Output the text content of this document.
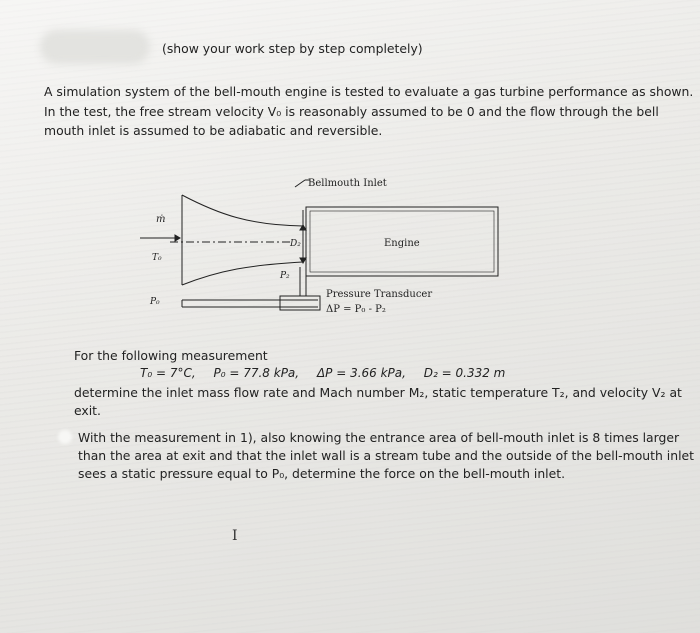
(show your work step by step completely)
A simulation system of the bell-mouth engine is tested to evaluate a gas turbine performance as shown.
In the test, the free stream velocity V₀ is reasonably assumed to be 0 and the flow through the bell
mouth inlet is assumed to be adiabatic and reversible.
Bellmouth Inlet
Engine
ṁ
T₀
D₂
P₂
P₀
Pressure Transducer
ΔP = P₀ - P₂
For the following measurement
T₀ = 7°C, P₀ = 77.8 kPa, ΔP = 3.66 kPa, D₂ = 0.332 m
determine the inlet mass flow rate and Mach number M₂, static temperature T₂, and velocity V₂ at
exit.
With the measurement in 1), also knowing the entrance area of bell-mouth inlet is 8 times larger
than the area at exit and that the inlet wall is a stream tube and the outside of the bell-mouth inlet
sees a static pressure equal to P₀, determine the force on the bell-mouth inlet.
I
